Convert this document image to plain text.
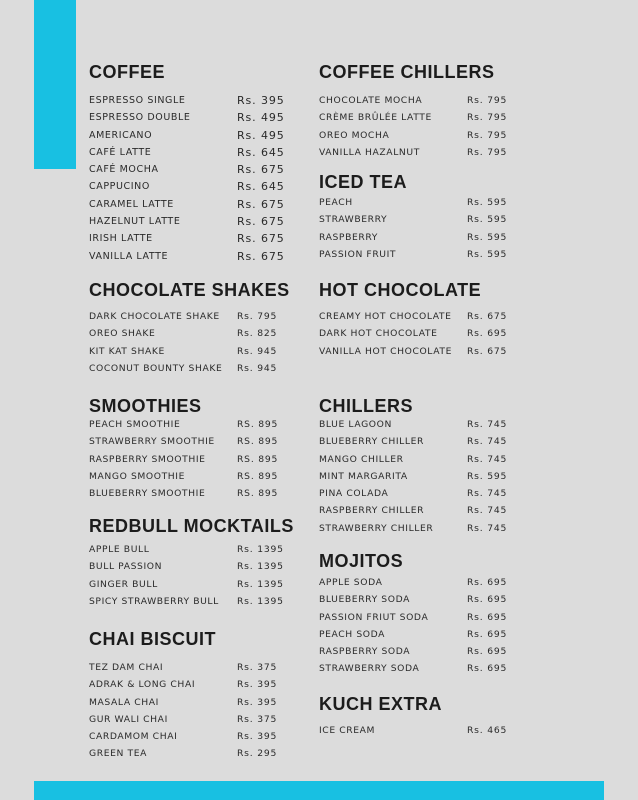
COFFEE
ESPRESSO SINGLE	Rs. 395
ESPRESSO DOUBLE	Rs. 495
AMERICANO	Rs. 495
CAFÉ LATTE	Rs. 645
CAFÉ MOCHA	Rs. 675
CAPPUCINO	Rs. 645
CARAMEL LATTE	Rs. 675
HAZELNUT LATTE	Rs. 675
IRISH LATTE	Rs. 675
VANILLA LATTE	Rs. 675
CHOCOLATE SHAKES
DARK CHOCOLATE SHAKE Rs. 795
OREO SHAKE	Rs. 825
KIT KAT SHAKE	Rs. 945
COCONUT BOUNTY SHAKE Rs. 945
SMOOTHIES
PEACH SMOOTHIE	RS. 895
STRAWBERRY SMOOTHIE RS. 895
RASPBERRY SMOOTHIE	RS. 895
MANGO SMOOTHIE	RS. 895
BLUEBERRY SMOOTHIE	RS. 895
REDBULL MOCKTAILS
APPLE BULL	Rs. 1395
BULL PASSION	Rs. 1395
GINGER BULL	Rs. 1395
SPICY STRAWBERRY BULL Rs. 1395
CHAI BISCUIT
TEZ DAM CHAI	Rs. 375
ADRAK & LONG CHAI	Rs. 395
MASALA CHAI	Rs. 395
GUR WALI CHAI	Rs. 375
CARDAMOM CHAI	Rs. 395
GREEN TEA	Rs. 295
COFFEE CHILLERS
CHOCOLATE MOCHA	Rs. 795
CRÈME BRÛLÉE LATTE	Rs. 795
OREO MOCHA	Rs. 795
VANILLA HAZALNUT	Rs. 795
ICED TEA
PEACH	Rs. 595
STRAWBERRY	Rs. 595
RASPBERRY	Rs. 595
PASSION FRUIT	Rs. 595
HOT CHOCOLATE
CREAMY HOT CHOCOLATE Rs. 675
DARK HOT CHOCOLATE	Rs. 695
VANILLA HOT CHOCOLATE Rs. 675
CHILLERS
BLUE LAGOON	Rs. 745
BLUEBERRY CHILLER	Rs. 745
MANGO CHILLER	Rs. 745
MINT MARGARITA	Rs. 595
PINA COLADA	Rs. 745
RASPBERRY CHILLER	Rs. 745
STRAWBERRY CHILLER	Rs. 745
MOJITOS
APPLE SODA	Rs. 695
BLUEBERRY SODA	Rs. 695
PASSION FRIUT SODA	Rs. 695
PEACH SODA	Rs. 695
RASPBERRY SODA	Rs. 695
STRAWBERRY SODA	Rs. 695
KUCH EXTRA
ICE CREAM	Rs. 465
